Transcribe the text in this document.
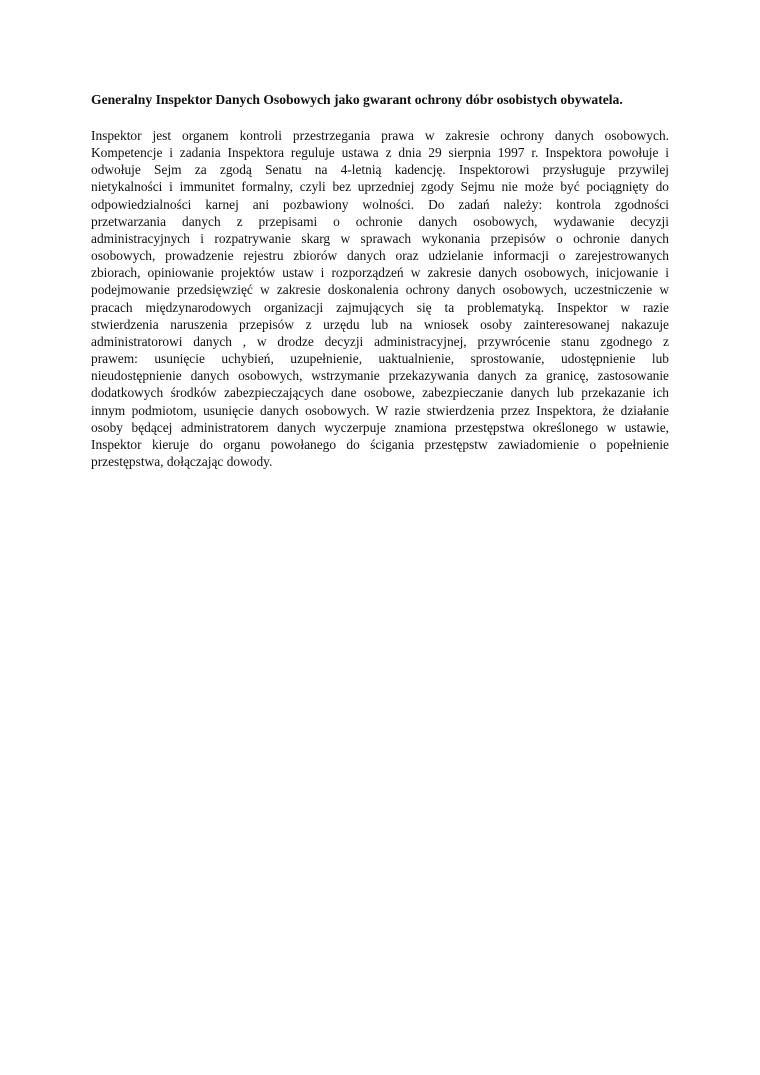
Generalny Inspektor Danych Osobowych jako gwarant ochrony dóbr osobistych obywatela.

Inspektor jest organem kontroli przestrzegania prawa w zakresie ochrony danych osobowych.
Kompetencje i zadania Inspektora reguluje ustawa z dnia 29 sierpnia 1997 r. Inspektora powołuje i
odwołuje Sejm za zgodą Senatu na 4-letnią kadencję. Inspektorowi przysługuje przywilej
nietykalności i immunitet formalny, czyli bez uprzedniej zgody Sejmu nie może być pociągnięty do
odpowiedzialności karnej ani pozbawiony wolności. Do zadań należy: kontrola zgodności
przetwarzania danych z przepisami o ochronie danych osobowych, wydawanie decyzji
administracyjnych i rozpatrywanie skarg w sprawach wykonania przepisów o ochronie danych
osobowych, prowadzenie rejestru zbiorów danych oraz udzielanie informacji o zarejestrowanych
zbiorach, opiniowanie projektów ustaw i rozporządzeń w zakresie danych osobowych, inicjowanie i
podejmowanie przedsięwzięć w zakresie doskonalenia ochrony danych osobowych, uczestniczenie w
pracach międzynarodowych organizacji zajmujących się ta problematyką. Inspektor w razie
stwierdzenia naruszenia przepisów z urzędu lub na wniosek osoby zainteresowanej nakazuje
administratorowi danych , w drodze decyzji administracyjnej, przywrócenie stanu zgodnego z
prawem: usunięcie uchybień, uzupełnienie, uaktualnienie, sprostowanie, udostępnienie lub
nieudostępnienie danych osobowych, wstrzymanie przekazywania danych za granicę, zastosowanie
dodatkowych środków zabezpieczających dane osobowe, zabezpieczanie danych lub przekazanie ich
innym podmiotom, usunięcie danych osobowych. W razie stwierdzenia przez Inspektora, że działanie
osoby będącej administratorem danych wyczerpuje znamiona przestępstwa określonego w ustawie,
Inspektor kieruje do organu powołanego do ścigania przestępstw zawiadomienie o popełnienie
przestępstwa, dołączając dowody.
